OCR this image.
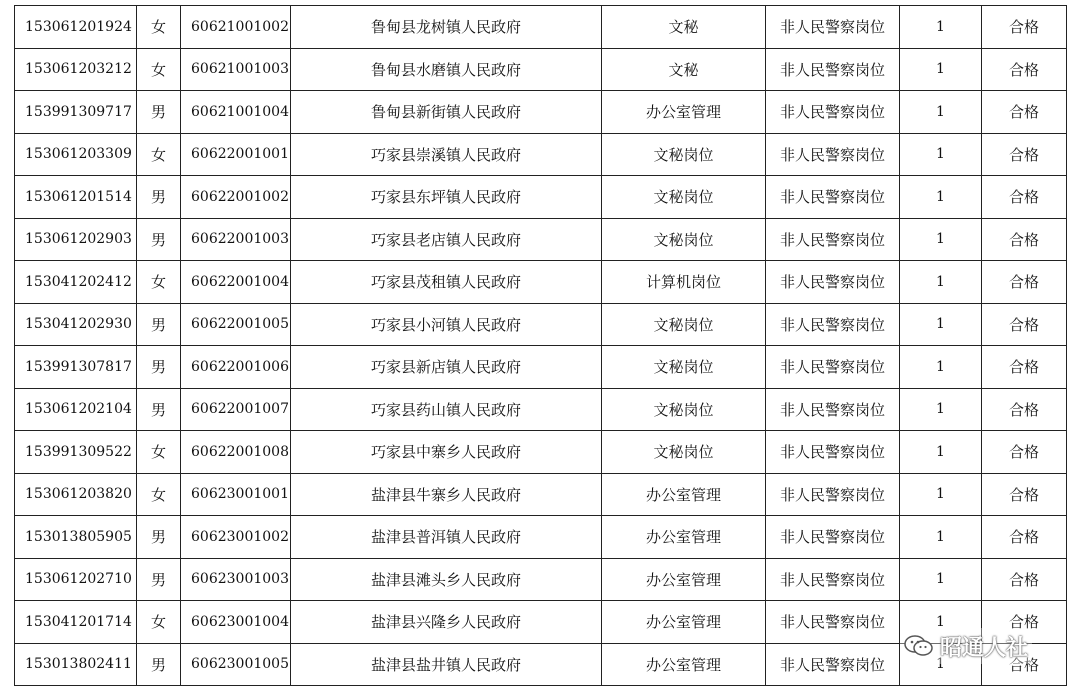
153061201924	女	60621001002	鲁甸县龙树镇人民政府	文秘	非人民警察岗位	1	合格
153061203212	女	60621001003	鲁甸县水磨镇人民政府	文秘	非人民警察岗位	1	合格
153991309717	男	60621001004	鲁甸县新街镇人民政府	办公室管理	非人民警察岗位	1	合格
153061203309	女	60622001001	巧家县崇溪镇人民政府	文秘岗位	非人民警察岗位	1	合格
153061201514	男	60622001002	巧家县东坪镇人民政府	文秘岗位	非人民警察岗位	1	合格
153061202903	男	60622001003	巧家县老店镇人民政府	文秘岗位	非人民警察岗位	1	合格
153041202412	女	60622001004	巧家县茂租镇人民政府	计算机岗位	非人民警察岗位	1	合格
153041202930	男	60622001005	巧家县小河镇人民政府	文秘岗位	非人民警察岗位	1	合格
153991307817	男	60622001006	巧家县新店镇人民政府	文秘岗位	非人民警察岗位	1	合格
153061202104	男	60622001007	巧家县药山镇人民政府	文秘岗位	非人民警察岗位	1	合格
153991309522	女	60622001008	巧家县中寨乡人民政府	文秘岗位	非人民警察岗位	1	合格
153061203820	女	60623001001	盐津县牛寨乡人民政府	办公室管理	非人民警察岗位	1	合格
153013805905	男	60623001002	盐津县普洱镇人民政府	办公室管理	非人民警察岗位	1	合格
153061202710	男	60623001003	盐津县滩头乡人民政府	办公室管理	非人民警察岗位	1	合格
153041201714	女	60623001004	盐津县兴隆乡人民政府	办公室管理	非人民警察岗位	1	合格
153013802411	男	60623001005	盐津县盐井镇人民政府	办公室管理	非人民警察岗位	1	合格
昭通人社
